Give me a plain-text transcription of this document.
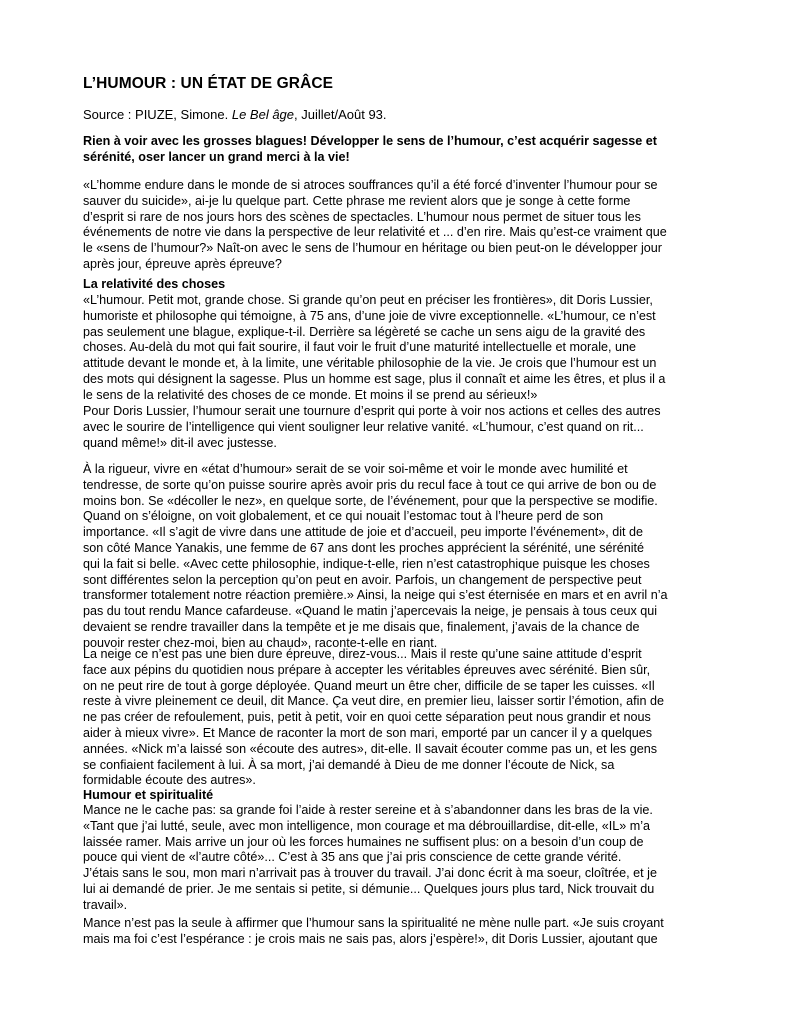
L’HUMOUR : UN ÉTAT DE GRÂCE

Source : PIUZE, Simone. Le Bel âge, Juillet/Août 93.

Rien à voir avec les grosses blagues! Développer le sens de l’humour, c’est acquérir sagesse et
sérénité, oser lancer un grand merci à la vie!

«L’homme endure dans le monde de si atroces souffrances qu’il a été forcé d’inventer l’humour pour se
sauver du suicide», ai-je lu quelque part. Cette phrase me revient alors que je songe à cette forme
d’esprit si rare de nos jours hors des scènes de spectacles. L’humour nous permet de situer tous les
événements de notre vie dans la perspective de leur relativité et ... d’en rire. Mais qu’est-ce vraiment que
le «sens de l’humour?» Naît-on avec le sens de l’humour en héritage ou bien peut-on le développer jour
après jour, épreuve après épreuve?

La relativité des choses

«L’humour. Petit mot, grande chose. Si grande qu’on peut en préciser les frontières», dit Doris Lussier,
humoriste et philosophe qui témoigne, à 75 ans, d’une joie de vivre exceptionnelle. «L’humour, ce n’est
pas seulement une blague, explique-t-il. Derrière sa légèreté se cache un sens aigu de la gravité des
choses. Au-delà du mot qui fait sourire, il faut voir le fruit d’une maturité intellectuelle et morale, une
attitude devant le monde et, à la limite, une véritable philosophie de la vie. Je crois que l’humour est un
des mots qui désignent la sagesse. Plus un homme est sage, plus il connaît et aime les êtres, et plus il a
le sens de la relativité des choses de ce monde. Et moins il se prend au sérieux!»

Pour Doris Lussier, l’humour serait une tournure d’esprit qui porte à voir nos actions et celles des autres
avec le sourire de l’intelligence qui vient souligner leur relative vanité. «L’humour, c’est quand on rit...
quand même!» dit-il avec justesse.

À la rigueur, vivre en «état d’humour» serait de se voir soi-même et voir le monde avec humilité et
tendresse, de sorte qu’on puisse sourire après avoir pris du recul face à tout ce qui arrive de bon ou de
moins bon. Se «décoller le nez», en quelque sorte, de l’événement, pour que la perspective se modifie.
Quand on s’éloigne, on voit globalement, et ce qui nouait l’estomac tout à l’heure perd de son
importance. «Il s’agit de vivre dans une attitude de joie et d’accueil, peu importe l’événement», dit de
son côté Mance Yanakis, une femme de 67 ans dont les proches apprécient la sérénité, une sérénité
qui la fait si belle. «Avec cette philosophie, indique-t-elle, rien n’est catastrophique puisque les choses
sont différentes selon la perception qu’on peut en avoir. Parfois, un changement de perspective peut
transformer totalement notre réaction première.» Ainsi, la neige qui s’est éternisée en mars et en avril n’a
pas du tout rendu Mance cafardeuse. «Quand le matin j’apercevais la neige, je pensais à tous ceux qui
devaient se rendre travailler dans la tempête et je me disais que, finalement, j’avais de la chance de
pouvoir rester chez-moi, bien au chaud», raconte-t-elle en riant.

La neige ce n’est pas une bien dure épreuve, direz-vous... Mais il reste qu’une saine attitude d’esprit
face aux pépins du quotidien nous prépare à accepter les véritables épreuves avec sérénité. Bien sûr,
on ne peut rire de tout à gorge déployée. Quand meurt un être cher, difficile de se taper les cuisses. «Il
reste à vivre pleinement ce deuil, dit Mance. Ça veut dire, en premier lieu, laisser sortir l’émotion, afin de
ne pas créer de refoulement, puis, petit à petit, voir en quoi cette séparation peut nous grandir et nous
aider à mieux vivre». Et Mance de raconter la mort de son mari, emporté par un cancer il y a quelques
années. «Nick m’a laissé son «écoute des autres», dit-elle. Il savait écouter comme pas un, et les gens
se confiaient facilement à lui. À sa mort, j’ai demandé à Dieu de me donner l’écoute de Nick, sa
formidable écoute des autres».

Humour et spiritualité

Mance ne le cache pas: sa grande foi l’aide à rester sereine et à s’abandonner dans les bras de la vie.
«Tant que j’ai lutté, seule, avec mon intelligence, mon courage et ma débrouillardise, dit-elle, «IL» m’a
laissée ramer. Mais arrive un jour où les forces humaines ne suffisent plus: on a besoin d’un coup de
pouce qui vient de «l’autre côté»... C’est à 35 ans que j’ai pris conscience de cette grande vérité.
J’étais sans le sou, mon mari n’arrivait pas à trouver du travail. J’ai donc écrit à ma soeur, cloîtrée, et je
lui ai demandé de prier. Je me sentais si petite, si démunie... Quelques jours plus tard, Nick trouvait du
travail».

Mance n’est pas la seule à affirmer que l’humour sans la spiritualité ne mène nulle part. «Je suis croyant
mais ma foi c’est l’espérance : je crois mais ne sais pas, alors j’espère!», dit Doris Lussier, ajoutant que
